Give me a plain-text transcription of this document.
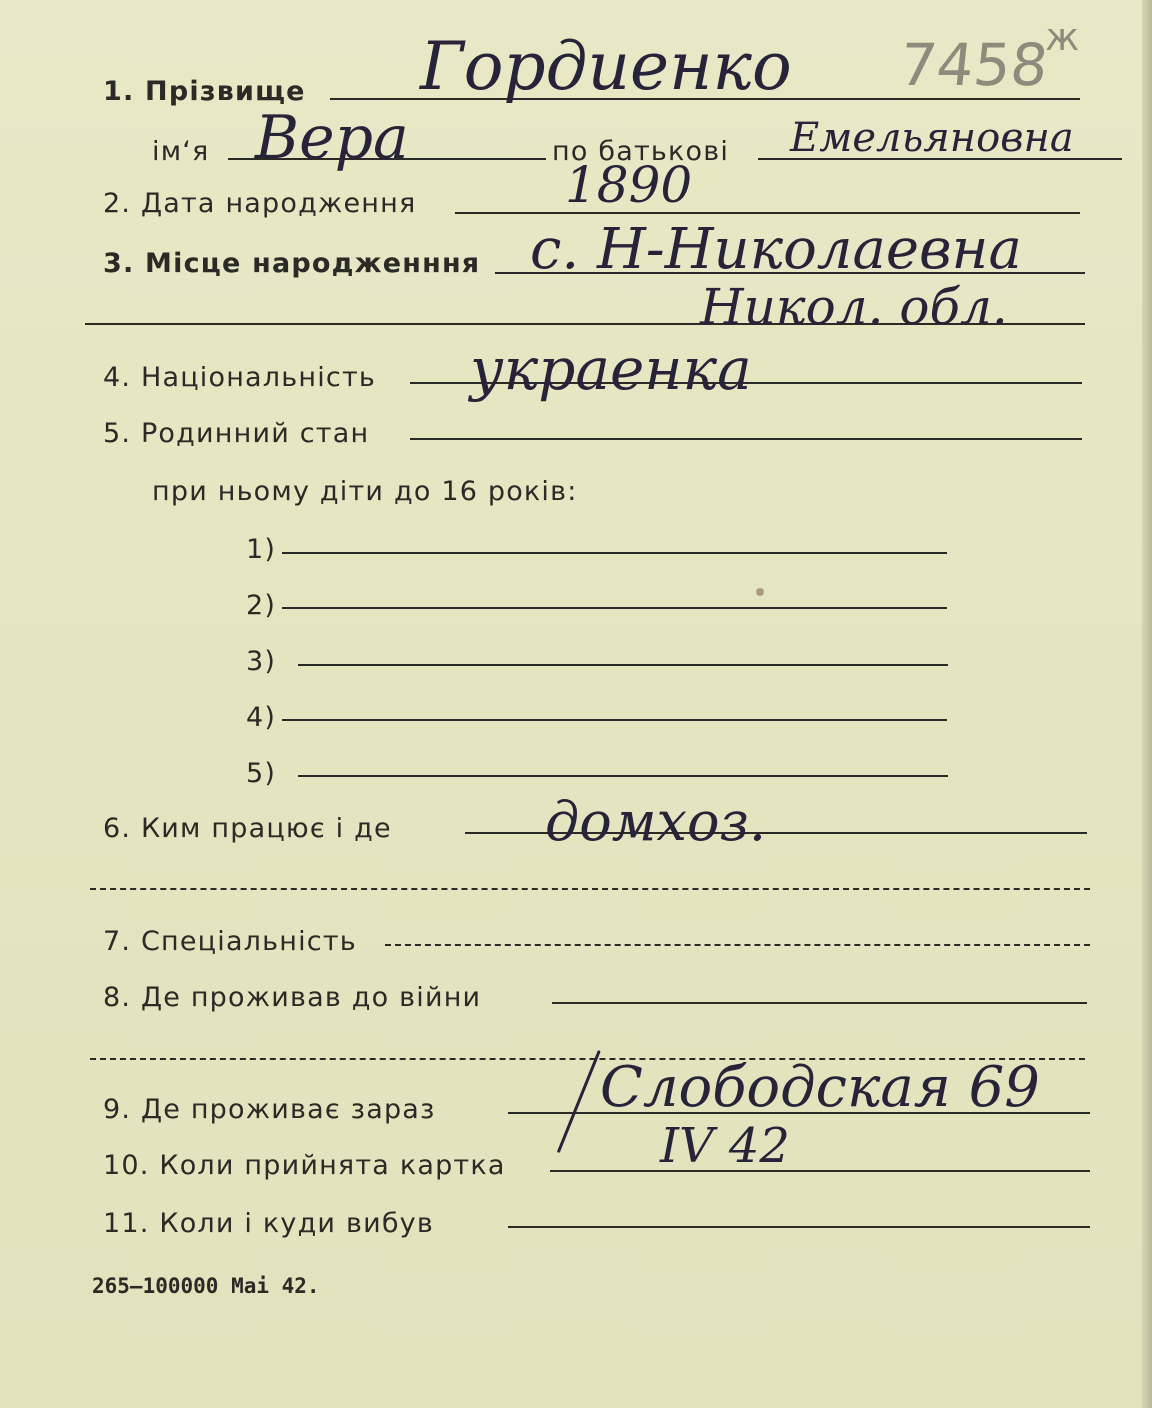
7458
ж
1. Прізвище Гордиенко
ім‘я Вера	по батькові Емельяновна
2. Дата народження	1890
3. Місце народженння с. Н-Николаевна
Никол. обл.
4. Національність украенка
5. Родинний стан
при ньому діти до 16 років:
1)
2)
3)
4)
5)
6. Ким працює і де	домхоз.
7. Спеціальність
8. Де проживав до війни
9. Де проживає зараз	Слободская 69
10. Коли прийнята картка	IV 42
11. Коли і куди вибув
265—100000 Mai 42.
